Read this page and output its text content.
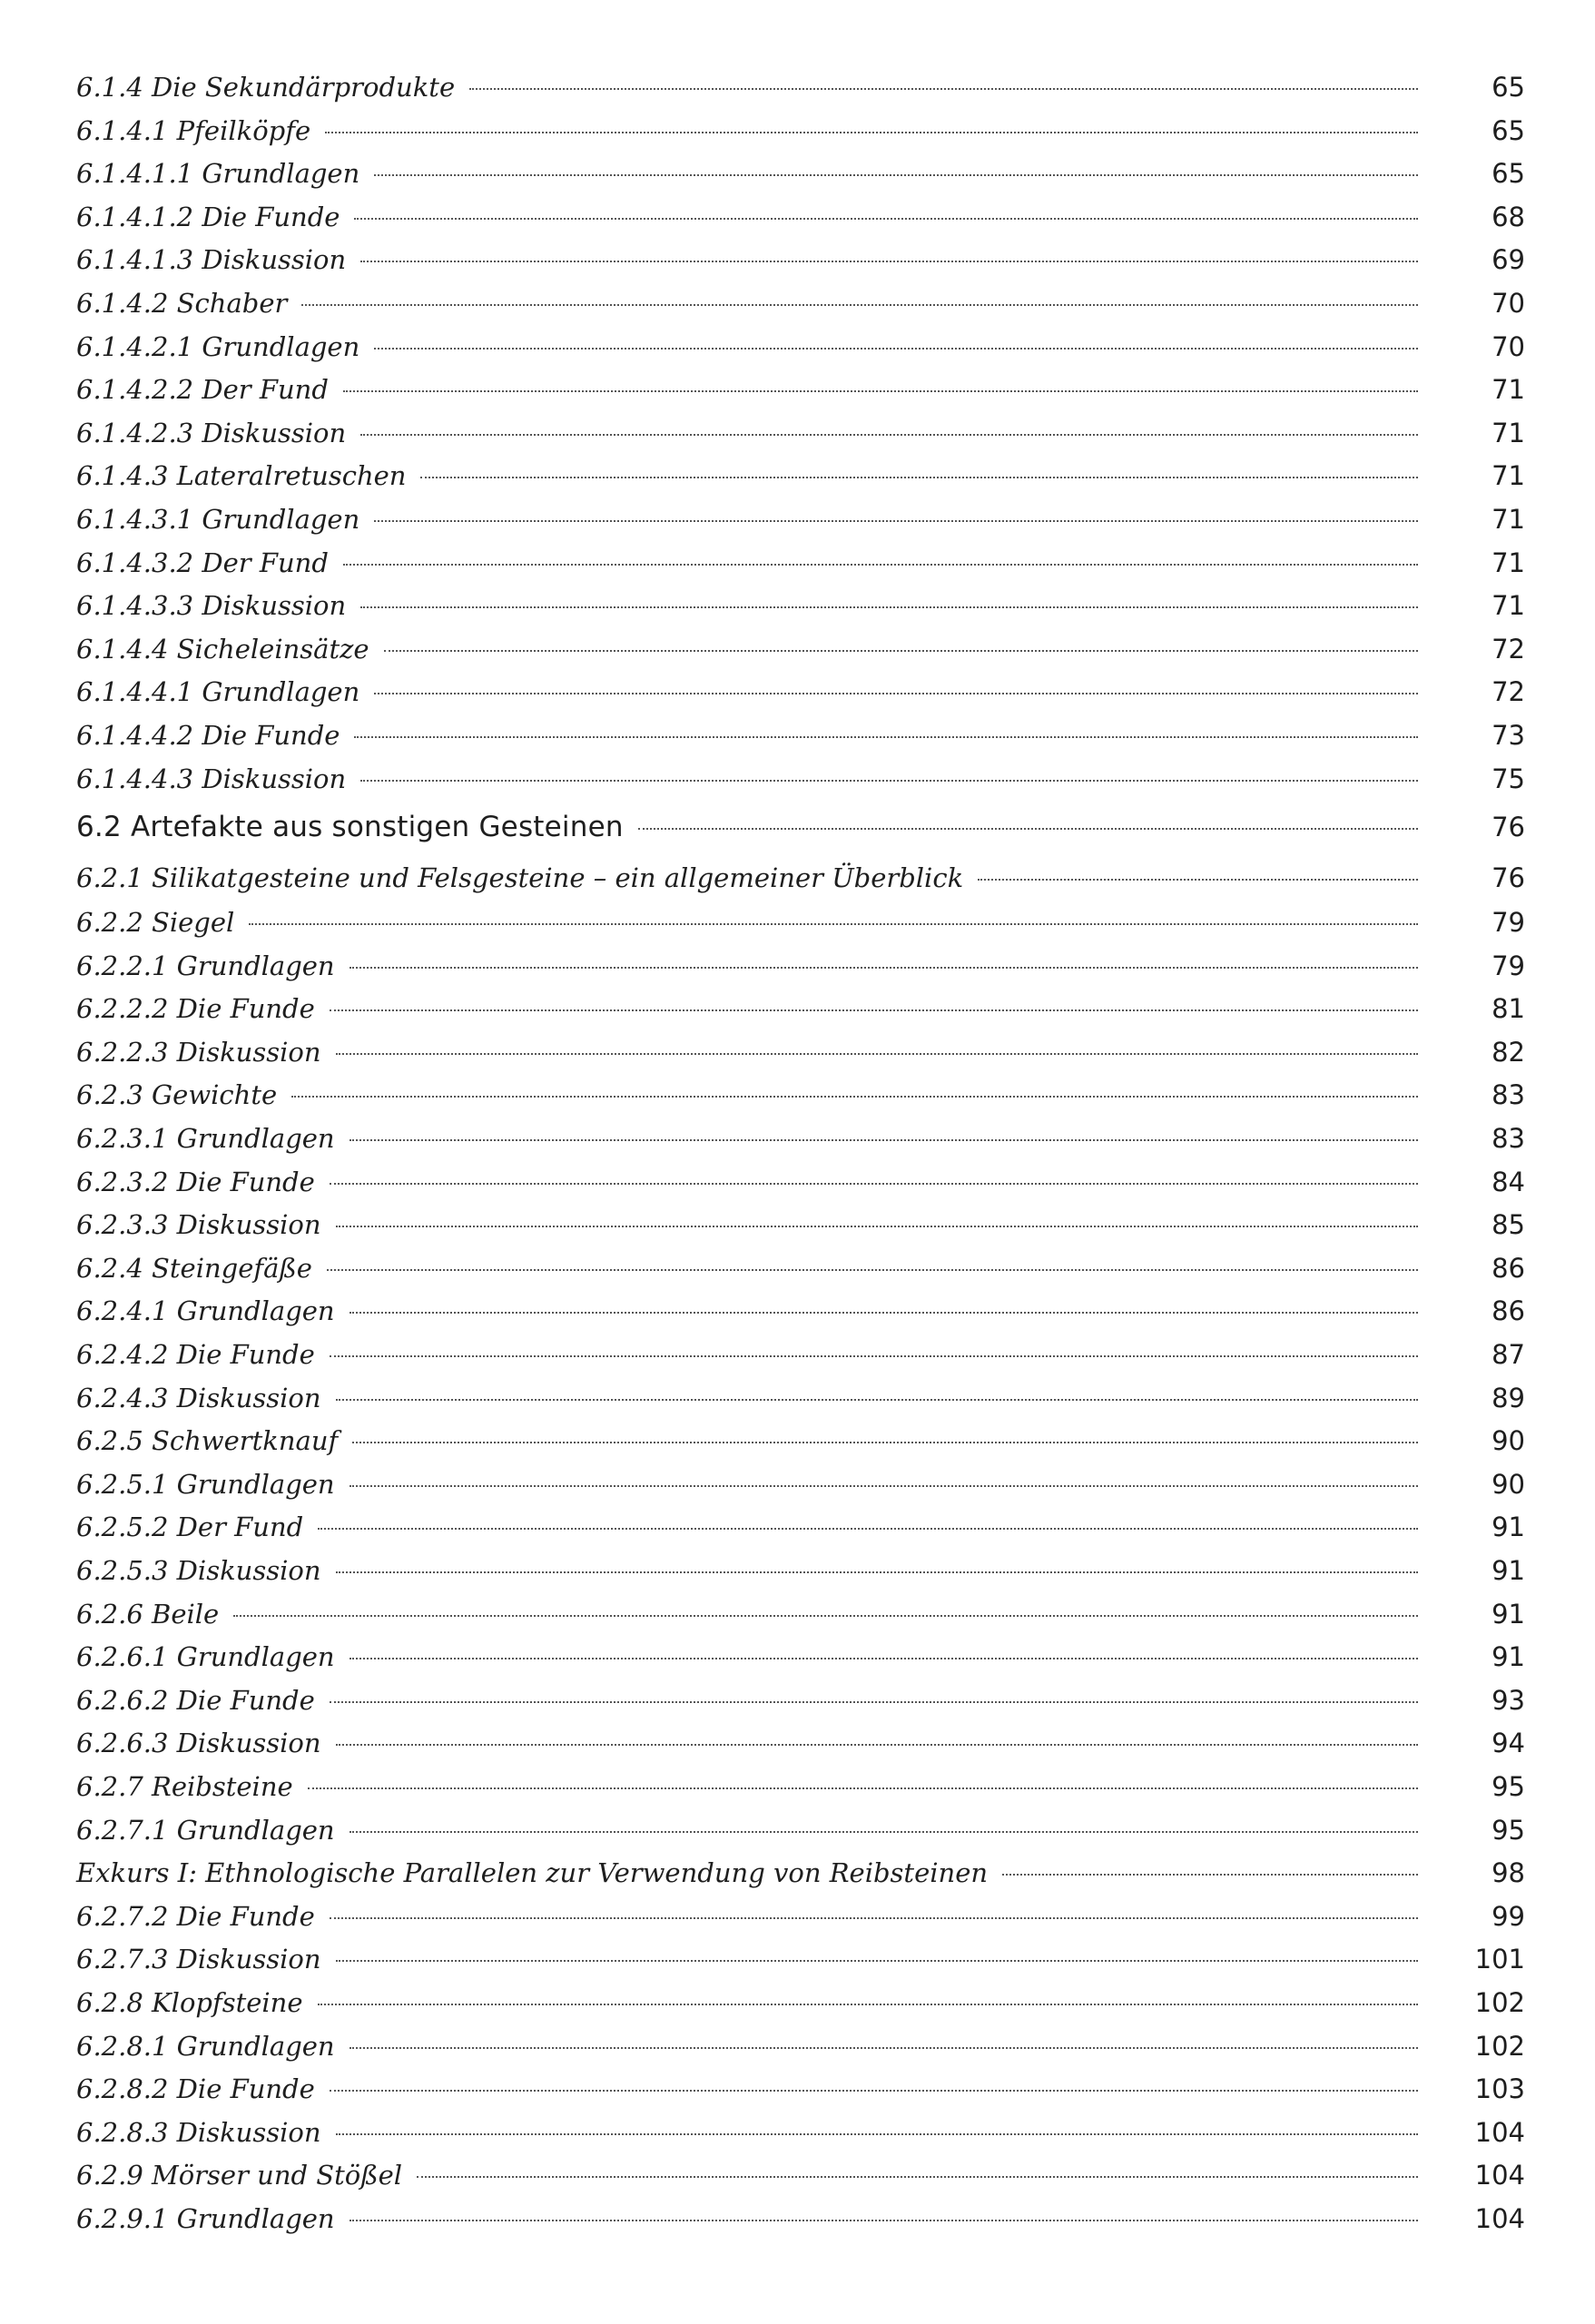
6.1.4 Die Sekundärprodukte	65
6.1.4.1 Pfeilköpfe	65
6.1.4.1.1 Grundlagen	65
6.1.4.1.2 Die Funde	68
6.1.4.1.3 Diskussion	69
6.1.4.2 Schaber	70
6.1.4.2.1 Grundlagen	70
6.1.4.2.2 Der Fund	71
6.1.4.2.3 Diskussion	71
6.1.4.3 Lateralretuschen	71
6.1.4.3.1 Grundlagen	71
6.1.4.3.2 Der Fund	71
6.1.4.3.3 Diskussion	71
6.1.4.4 Sicheleinsätze	72
6.1.4.4.1 Grundlagen	72
6.1.4.4.2 Die Funde	73
6.1.4.4.3 Diskussion	75
6.2 Artefakte aus sonstigen Gesteinen	76
6.2.1 Silikatgesteine und Felsgesteine – ein allgemeiner Überblick	76
6.2.2 Siegel	79
6.2.2.1 Grundlagen	79
6.2.2.2 Die Funde	81
6.2.2.3 Diskussion	82
6.2.3 Gewichte	83
6.2.3.1 Grundlagen	83
6.2.3.2 Die Funde	84
6.2.3.3 Diskussion	85
6.2.4 Steingefäße	86
6.2.4.1 Grundlagen	86
6.2.4.2 Die Funde	87
6.2.4.3 Diskussion	89
6.2.5 Schwertknauf	90
6.2.5.1 Grundlagen	90
6.2.5.2 Der Fund	91
6.2.5.3 Diskussion	91
6.2.6 Beile	91
6.2.6.1 Grundlagen	91
6.2.6.2 Die Funde	93
6.2.6.3 Diskussion	94
6.2.7 Reibsteine	95
6.2.7.1 Grundlagen	95
Exkurs I: Ethnologische Parallelen zur Verwendung von Reibsteinen	98
6.2.7.2 Die Funde	99
6.2.7.3 Diskussion	101
6.2.8 Klopfsteine	102
6.2.8.1 Grundlagen	102
6.2.8.2 Die Funde	103
6.2.8.3 Diskussion	104
6.2.9 Mörser und Stößel	104
6.2.9.1 Grundlagen	104
